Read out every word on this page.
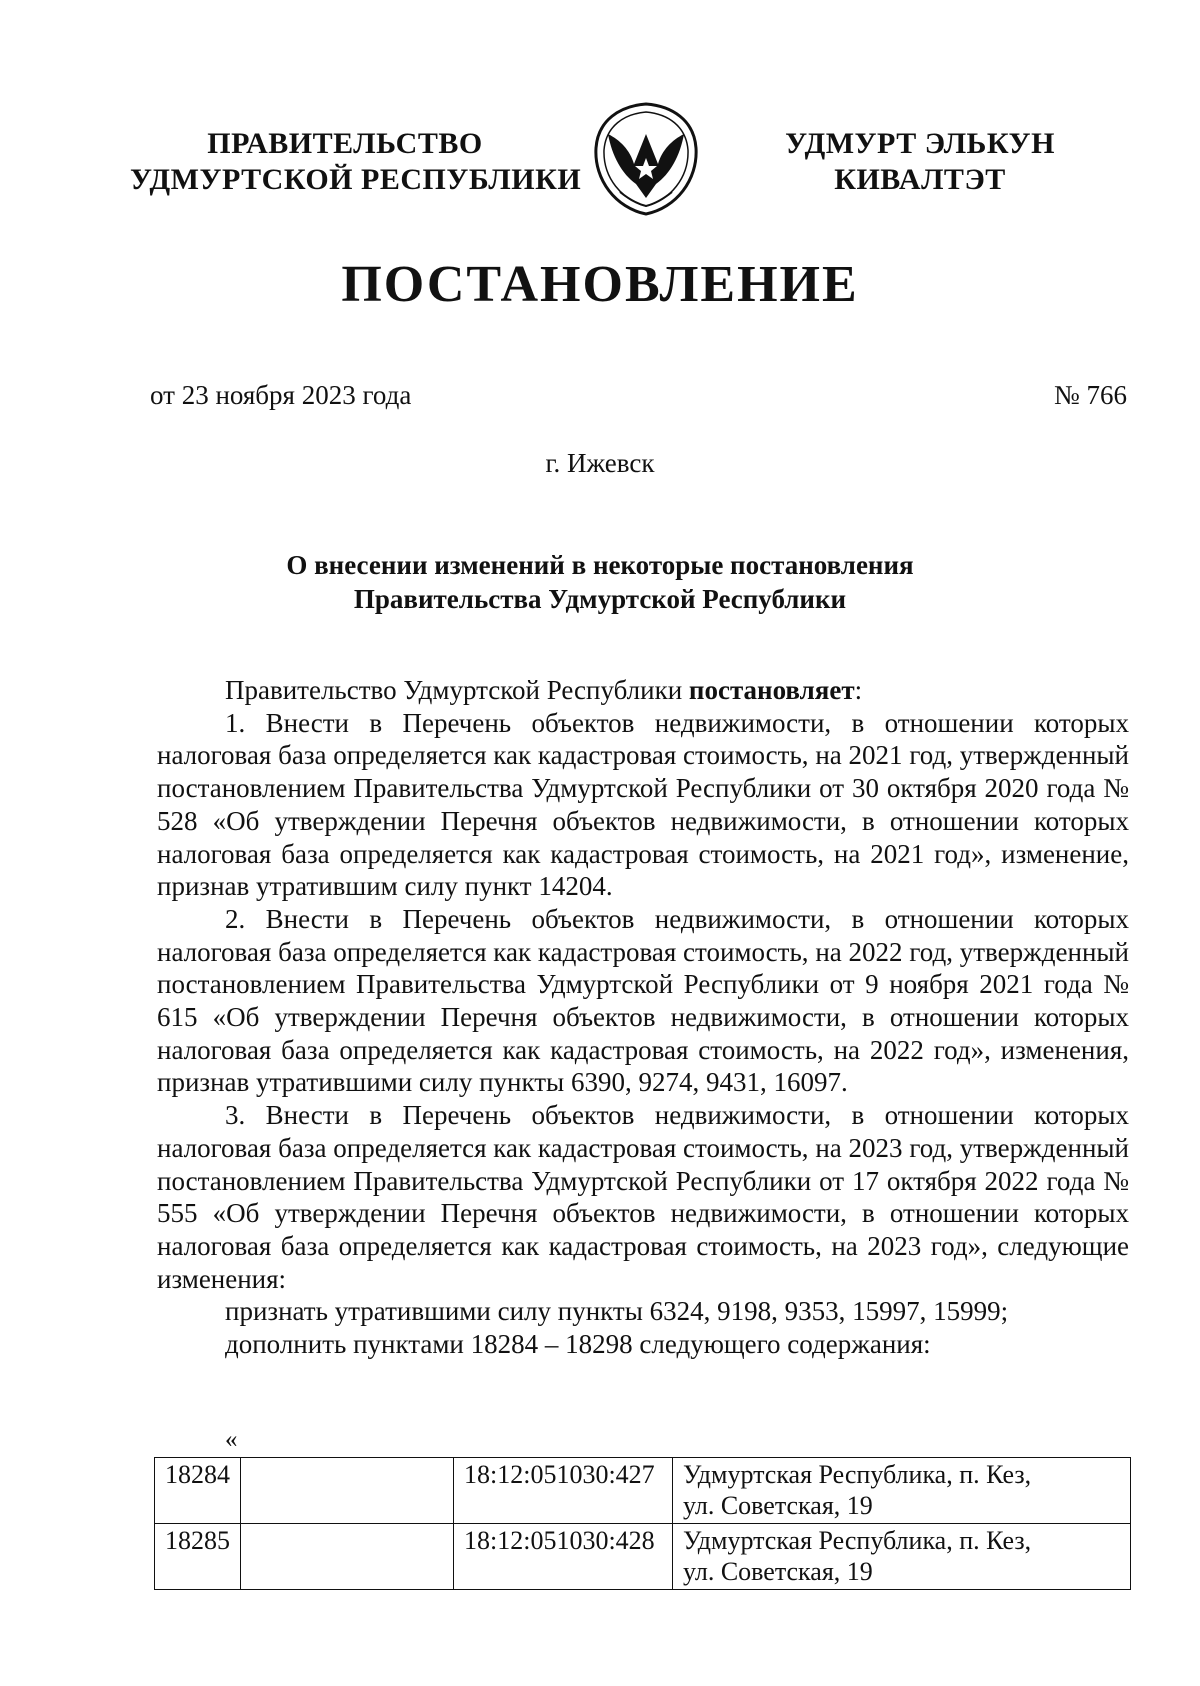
ПРАВИТЕЛЬСТВО
УДМУРТСКОЙ РЕСПУБЛИКИ
УДМУРТ ЭЛЬКУН
КИВАЛТЭТ
ПОСТАНОВЛЕНИЕ
от 23 ноября 2023 года	№ 766
г. Ижевск
О внесении изменений в некоторые постановления
Правительства Удмуртской Республики

Правительство Удмуртской Республики постановляет:

1. Внести в Перечень объектов недвижимости, в отношении которых налоговая база определяется как кадастровая стоимость, на 2021 год, утвержденный постановлением Правительства Удмуртской Республики от 30 октября 2020 года № 528 «Об утверждении Перечня объектов недвижимости, в отношении которых налоговая база определяется как кадастровая стоимость, на 2021 год», изменение, признав утратившим силу пункт 14204.

2. Внести в Перечень объектов недвижимости, в отношении которых налоговая база определяется как кадастровая стоимость, на 2022 год, утвержденный постановлением Правительства Удмуртской Республики от 9 ноября 2021 года № 615 «Об утверждении Перечня объектов недвижимости, в отношении которых налоговая база определяется как кадастровая стоимость, на 2022 год», изменения, признав утратившими силу пункты 6390, 9274, 9431, 16097.

3. Внести в Перечень объектов недвижимости, в отношении которых налоговая база определяется как кадастровая стоимость, на 2023 год, утвержденный постановлением Правительства Удмуртской Республики от 17 октября 2022 года № 555 «Об утверждении Перечня объектов недвижимости, в отношении которых налоговая база определяется как кадастровая стоимость, на 2023 год», следующие изменения:

признать утратившими силу пункты 6324, 9198, 9353, 15997, 15999;

дополнить пунктами 18284 – 18298 следующего содержания:

«
18284		18:12:051030:427	Удмуртская Республика, п. Кез,
ул. Советская, 19

18285		18:12:051030:428	Удмуртская Республика, п. Кез,
ул. Советская, 19
